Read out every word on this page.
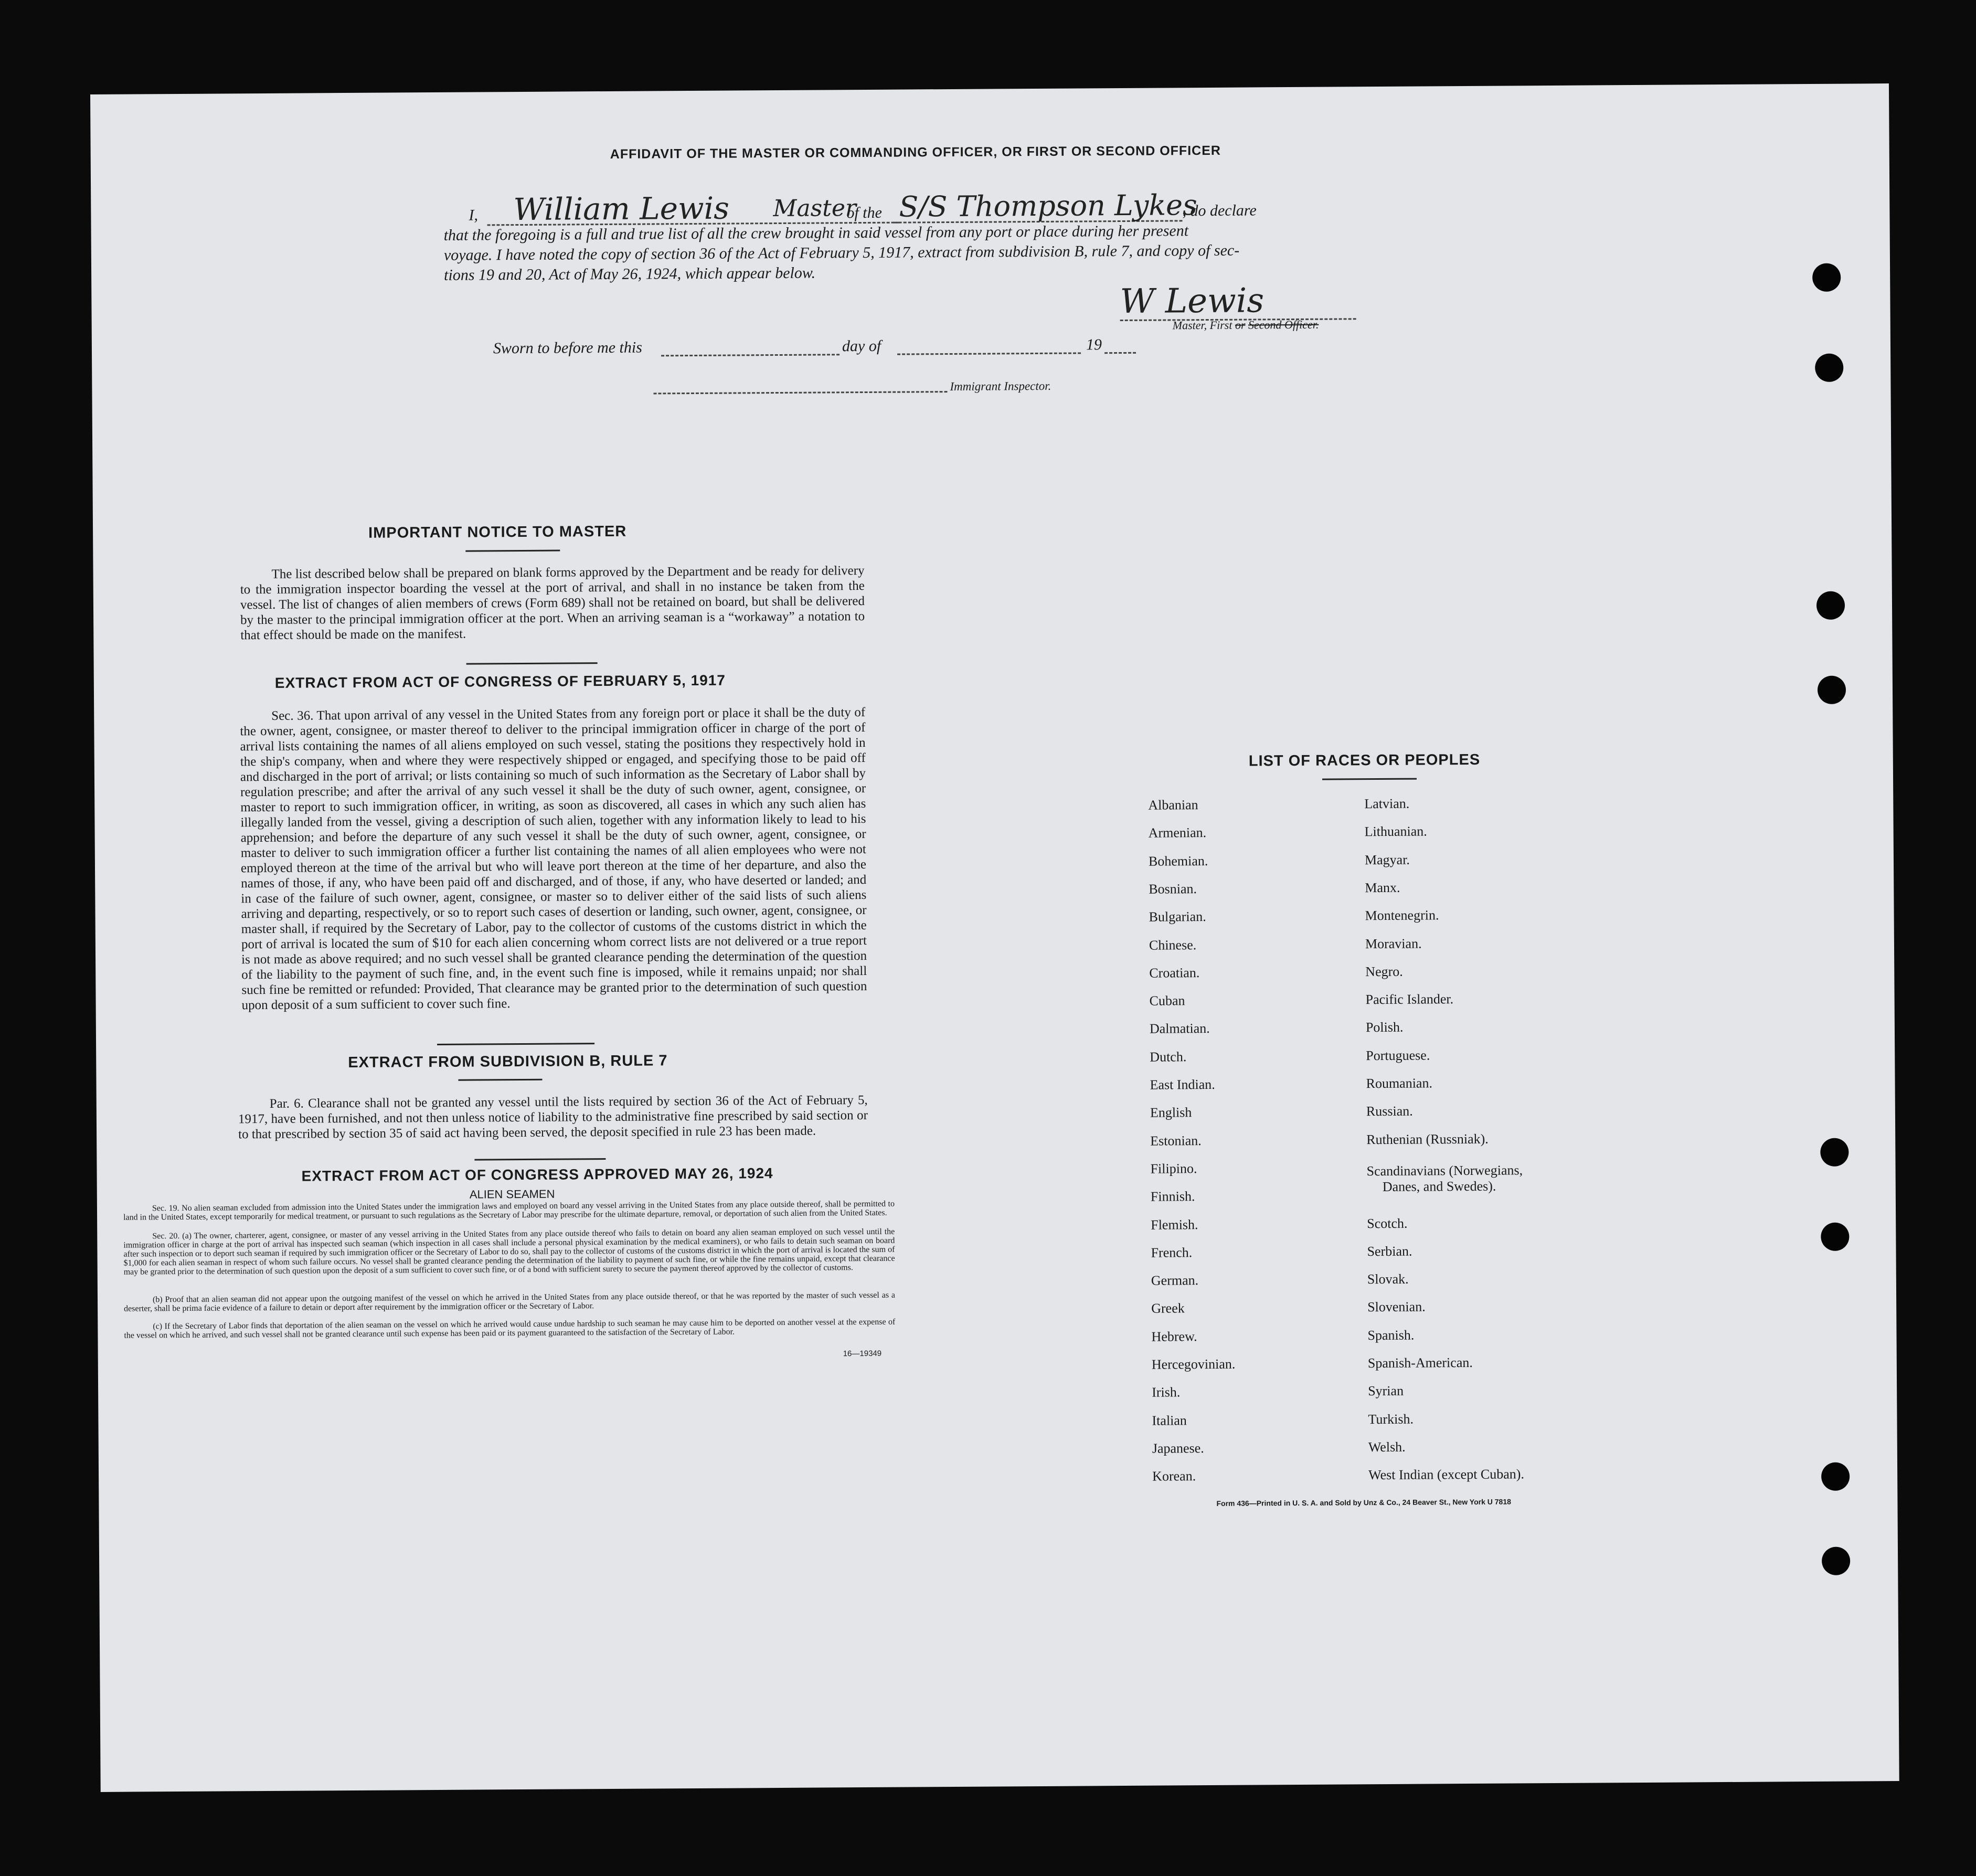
AFFIDAVIT OF THE MASTER OR COMMANDING OFFICER, OR FIRST OR SECOND OFFICER
I, William Lewis Master
of the S/S Thompson Lykes
, do declare
that the foregoing is a full and true list of all the crew brought in said vessel from any port or place during her present
voyage. I have noted the copy of section 36 of the Act of February 5, 1917, extract from subdivision B, rule 7, and copy of sec-
tions 19 and 20, Act of May 26, 1924, which appear below.
W Lewis
Master, First or Second Officer.
Sworn to before me this	day of	19
Immigrant Inspector.
IMPORTANT NOTICE TO MASTER
The list described below shall be prepared on blank forms approved by the Department and be ready for delivery to the immigration inspector boarding the vessel at the port of arrival, and shall in no instance be taken from the vessel. The list of changes of alien members of crews (Form 689) shall not be retained on board, but shall be delivered by the master to the principal immigration officer at the port. When an arriving seaman is a “workaway” a notation to that effect should be made on the manifest.
EXTRACT FROM ACT OF CONGRESS OF FEBRUARY 5, 1917
Sec. 36. That upon arrival of any vessel in the United States from any foreign port or place it shall be the duty of the owner, agent, consignee, or master thereof to deliver to the principal immigration officer in charge of the port of arrival lists containing the names of all aliens employed on such vessel, stating the positions they respectively hold in the ship's company, when and where they were respectively shipped or engaged, and specifying those to be paid off and discharged in the port of arrival; or lists containing so much of such information as the Secretary of Labor shall by regulation prescribe; and after the arrival of any such vessel it shall be the duty of such owner, agent, consignee, or master to report to such immigration officer, in writing, as soon as discovered, all cases in which any such alien has illegally landed from the vessel, giving a description of such alien, together with any information likely to lead to his apprehension; and before the departure of any such vessel it shall be the duty of such owner, agent, consignee, or master to deliver to such immigration officer a further list containing the names of all alien employees who were not employed thereon at the time of the arrival but who will leave port thereon at the time of her departure, and also the names of those, if any, who have been paid off and discharged, and of those, if any, who have deserted or landed; and in case of the failure of such owner, agent, consignee, or master so to deliver either of the said lists of such aliens arriving and departing, respectively, or so to report such cases of desertion or landing, such owner, agent, consignee, or master shall, if required by the Secretary of Labor, pay to the collector of customs of the customs district in which the port of arrival is located the sum of $10 for each alien concerning whom correct lists are not delivered or a true report is not made as above required; and no such vessel shall be granted clearance pending the determination of the question of the liability to the payment of such fine, and, in the event such fine is imposed, while it remains unpaid; nor shall such fine be remitted or refunded: Provided, That clearance may be granted prior to the determination of such question upon deposit of a sum sufficient to cover such fine.
EXTRACT FROM SUBDIVISION B, RULE 7
Par. 6. Clearance shall not be granted any vessel until the lists required by section 36 of the Act of February 5, 1917, have been furnished, and not then unless notice of liability to the administrative fine prescribed by said section or to that prescribed by section 35 of said act having been served, the deposit specified in rule 23 has been made.
EXTRACT FROM ACT OF CONGRESS APPROVED MAY 26, 1924
ALIEN SEAMEN
Sec. 19. No alien seaman excluded from admission into the United States under the immigration laws and employed on board any vessel arriving in the United States from any place outside thereof, shall be permitted to land in the United States, except temporarily for medical treatment, or pursuant to such regulations as the Secretary of Labor may prescribe for the ultimate departure, removal, or deportation of such alien from the United States.
Sec. 20. (a) The owner, charterer, agent, consignee, or master of any vessel arriving in the United States from any place outside thereof who fails to detain on board any alien seaman employed on such vessel until the immigration officer in charge at the port of arrival has inspected such seaman (which inspection in all cases shall include a personal physical examination by the medical examiners), or who fails to detain such seaman on board after such inspection or to deport such seaman if required by such immigration officer or the Secretary of Labor to do so, shall pay to the collector of customs of the customs district in which the port of arrival is located the sum of $1,000 for each alien seaman in respect of whom such failure occurs. No vessel shall be granted clearance pending the determination of the liability to payment of such fine, or while the fine remains unpaid, except that clearance may be granted prior to the determination of such question upon the deposit of a sum sufficient to cover such fine, or of a bond with sufficient surety to secure the payment thereof approved by the collector of customs.
(b) Proof that an alien seaman did not appear upon the outgoing manifest of the vessel on which he arrived in the United States from any place outside thereof, or that he was reported by the master of such vessel as a deserter, shall be prima facie evidence of a failure to detain or deport after requirement by the immigration officer or the Secretary of Labor.
(c) If the Secretary of Labor finds that deportation of the alien seaman on the vessel on which he arrived would cause undue hardship to such seaman he may cause him to be deported on another vessel at the expense of the vessel on which he arrived, and such vessel shall not be granted clearance until such expense has been paid or its payment guaranteed to the satisfaction of the Secretary of Labor.
16—19349
LIST OF RACES OR PEOPLES
Albanian
Armenian.
Bohemian.
Bosnian.
Bulgarian.
Chinese.
Croatian.
Cuban
Dalmatian.
Dutch.
East Indian.
English
Estonian.
Filipino.
Finnish.
Flemish.
French.
German.
Greek
Hebrew.
Hercegovinian.
Irish.
Italian
Japanese.
Korean.
Latvian.
Lithuanian.
Magyar.
Manx.
Montenegrin.
Moravian.
Negro.
Pacific Islander.
Polish.
Portuguese.
Roumanian.
Russian.
Ruthenian (Russniak).
Scandinavians (Norwegians,
Danes, and Swedes).
Scotch.
Serbian.
Slovak.
Slovenian.
Spanish.
Spanish-American.
Syrian
Turkish.
Welsh.
West Indian (except Cuban).
Form 436—Printed in U. S. A. and Sold by Unz & Co., 24 Beaver St., New York U 7818
